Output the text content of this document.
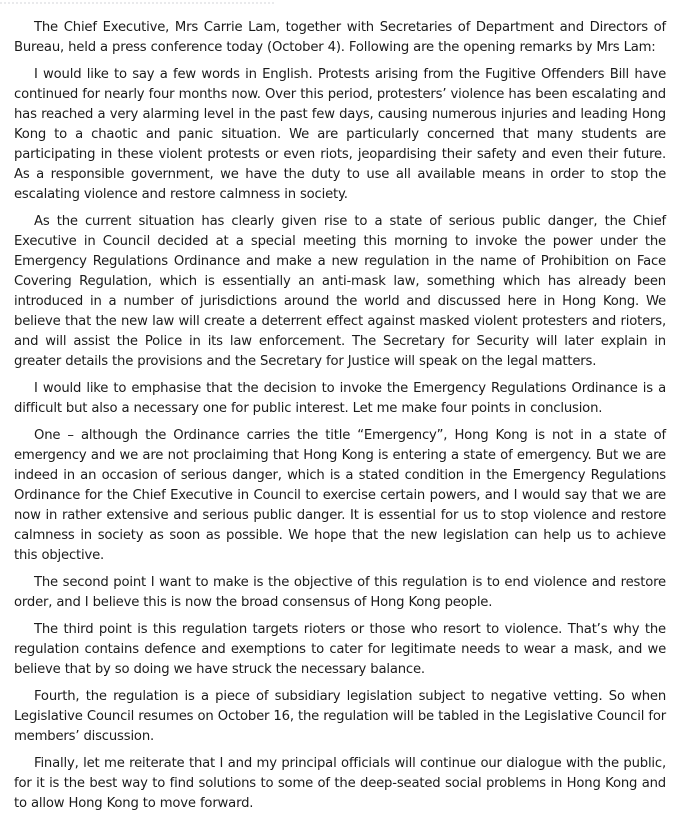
The Chief Executive, Mrs Carrie Lam, together with Secretaries of Department and Directors of Bureau, held a press conference today (October 4). Following are the opening remarks by Mrs Lam:

I would like to say a few words in English. Protests arising from the Fugitive Offenders Bill have continued for nearly four months now. Over this period, protesters’ violence has been escalating and has reached a very alarming level in the past few days, causing numerous injuries and leading Hong Kong to a chaotic and panic situation. We are particularly concerned that many students are participating in these violent protests or even riots, jeopardising their safety and even their future. As a responsible government, we have the duty to use all available means in order to stop the escalating violence and restore calmness in society.

As the current situation has clearly given rise to a state of serious public danger, the Chief Executive in Council decided at a special meeting this morning to invoke the power under the Emergency Regulations Ordinance and make a new regulation in the name of Prohibition on Face Covering Regulation, which is essentially an anti-mask law, something which has already been introduced in a number of jurisdictions around the world and discussed here in Hong Kong. We believe that the new law will create a deterrent effect against masked violent protesters and rioters, and will assist the Police in its law enforcement. The Secretary for Security will later explain in greater details the provisions and the Secretary for Justice will speak on the legal matters.

I would like to emphasise that the decision to invoke the Emergency Regulations Ordinance is a difficult but also a necessary one for public interest. Let me make four points in conclusion.

One – although the Ordinance carries the title “Emergency”, Hong Kong is not in a state of emergency and we are not proclaiming that Hong Kong is entering a state of emergency. But we are indeed in an occasion of serious danger, which is a stated condition in the Emergency Regulations Ordinance for the Chief Executive in Council to exercise certain powers, and I would say that we are now in rather extensive and serious public danger. It is essential for us to stop violence and restore calmness in society as soon as possible. We hope that the new legislation can help us to achieve this objective.

The second point I want to make is the objective of this regulation is to end violence and restore order, and I believe this is now the broad consensus of Hong Kong people.

The third point is this regulation targets rioters or those who resort to violence. That’s why the regulation contains defence and exemptions to cater for legitimate needs to wear a mask, and we believe that by so doing we have struck the necessary balance.

Fourth, the regulation is a piece of subsidiary legislation subject to negative vetting. So when Legislative Council resumes on October 16, the regulation will be tabled in the Legislative Council for members’ discussion.

Finally, let me reiterate that I and my principal officials will continue our dialogue with the public, for it is the best way to find solutions to some of the deep-seated social problems in Hong Kong and to allow Hong Kong to move forward.
